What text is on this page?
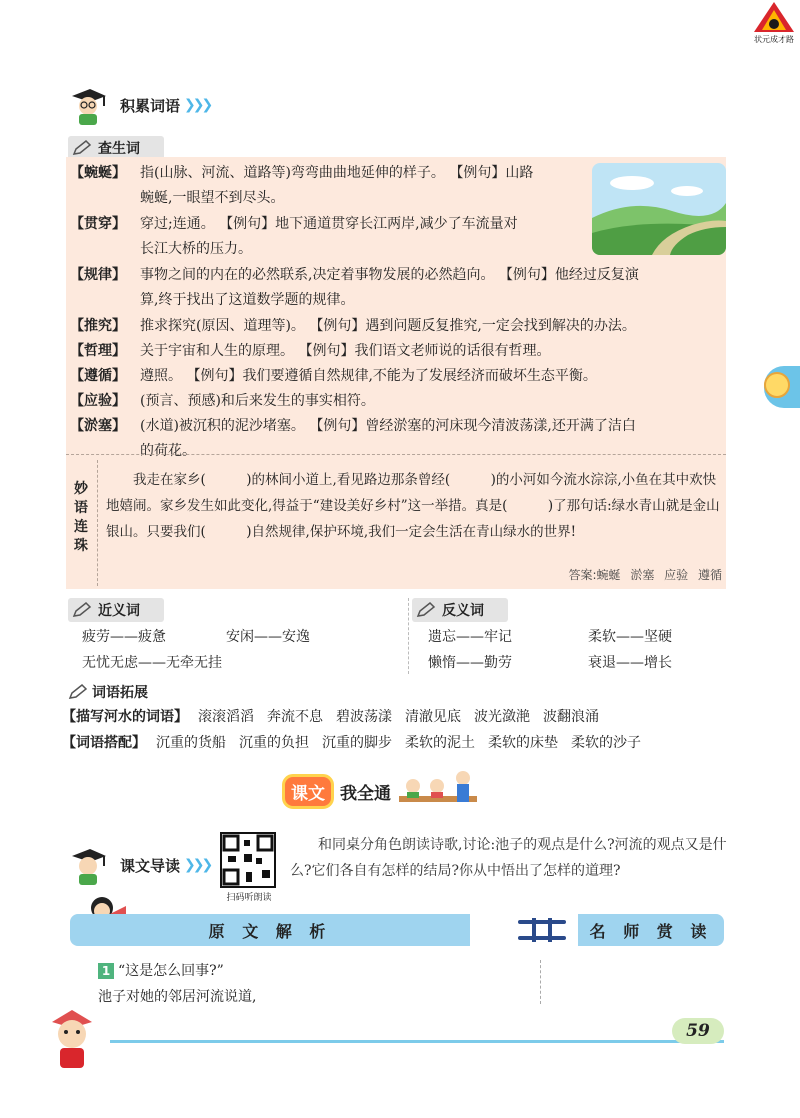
状元成才路
积累词语 ❯❯❯
查生词
【蜿蜒】	指(山脉、河流、道路等)弯弯曲曲地延伸的样子。 【例句】山路
蜿蜒,一眼望不到尽头。
【贯穿】	穿过;连通。 【例句】地下通道贯穿长江两岸,减少了车流量对
长江大桥的压力。
【规律】	事物之间的内在的必然联系,决定着事物发展的必然趋向。 【例句】他经过反复演
算,终于找出了这道数学题的规律。
【推究】	推求探究(原因、道理等)。 【例句】遇到问题反复推究,一定会找到解决的办法。
【哲理】	关于宇宙和人生的原理。 【例句】我们语文老师说的话很有哲理。
【遵循】	遵照。 【例句】我们要遵循自然规律,不能为了发展经济而破坏生态平衡。
【应验】	(预言、预感)和后来发生的事实相符。
【淤塞】	(水道)被沉积的泥沙堵塞。 【例句】曾经淤塞的河床现今清波荡漾,还开满了洁白
的荷花。
妙语连珠
我走在家乡(　　　)的林间小道上,看见路边那条曾经(　　　)的小河如今流水淙淙,小鱼在其中欢快地嬉闹。家乡发生如此变化,得益于“建设美好乡村”这一举措。真是(　　　)了那句话:绿水青山就是金山银山。只要我们(　　　)自然规律,保护环境,我们一定会生活在青山绿水的世界!
答案:蜿蜒 淤塞 应验 遵循
近义词	反义词
疲劳——疲惫	安闲——安逸
无忧无虑——无牵无挂
遗忘——牢记	柔软——坚硬
懒惰——勤劳	衰退——增长
词语拓展
【描写河水的词语】 滚滚滔滔 奔流不息 碧波荡漾 清澈见底 波光潋滟 波翻浪涌
【词语搭配】 沉重的货船 沉重的负担 沉重的脚步 柔软的泥土 柔软的床垫 柔软的沙子
课文 我全通
课文导读 ❯❯❯
扫码听朗读
和同桌分角色朗读诗歌,讨论:池子的观点是什么?河流的观点又是什么?它们各自有怎样的结局?你从中悟出了怎样的道理?
原 文 解 析	名 师 赏 读
1 “这是怎么回事?”
池子对她的邻居河流说道,
59
